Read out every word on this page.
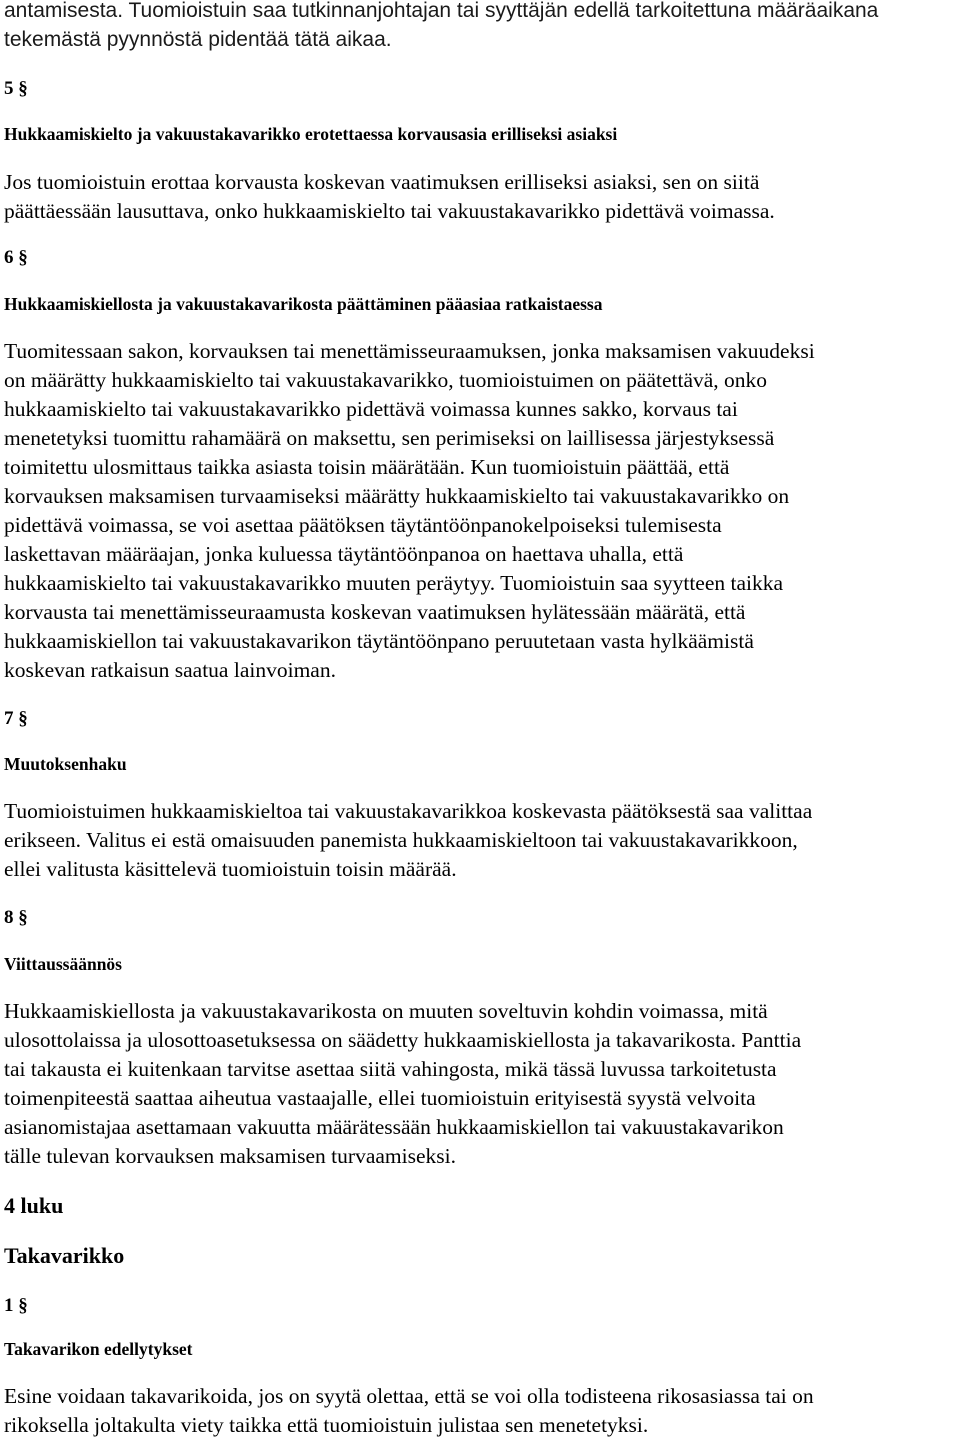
antamisesta. Tuomioistuin saa tutkinnanjohtajan tai syyttäjän edellä tarkoitettuna määräaikana
tekemästä pyynnöstä pidentää tätä aikaa.
5 §
Hukkaamiskielto ja vakuustakavarikko erotettaessa korvausasia erilliseksi asiaksi
Jos tuomioistuin erottaa korvausta koskevan vaatimuksen erilliseksi asiaksi, sen on siitä
päättäessään lausuttava, onko hukkaamiskielto tai vakuustakavarikko pidettävä voimassa.
6 §
Hukkaamiskiellosta ja vakuustakavarikosta päättäminen pääasiaa ratkaistaessa
Tuomitessaan sakon, korvauksen tai menettämisseuraamuksen, jonka maksamisen vakuudeksi
on määrätty hukkaamiskielto tai vakuustakavarikko, tuomioistuimen on päätettävä, onko
hukkaamiskielto tai vakuustakavarikko pidettävä voimassa kunnes sakko, korvaus tai
menetetyksi tuomittu rahamäärä on maksettu, sen perimiseksi on laillisessa järjestyksessä
toimitettu ulosmittaus taikka asiasta toisin määrätään. Kun tuomioistuin päättää, että
korvauksen maksamisen turvaamiseksi määrätty hukkaamiskielto tai vakuustakavarikko on
pidettävä voimassa, se voi asettaa päätöksen täytäntöönpanokelpoiseksi tulemisesta
laskettavan määräajan, jonka kuluessa täytäntöönpanoa on haettava uhalla, että
hukkaamiskielto tai vakuustakavarikko muuten peräytyy. Tuomioistuin saa syytteen taikka
korvausta tai menettämisseuraamusta koskevan vaatimuksen hylätessään määrätä, että
hukkaamiskiellon tai vakuustakavarikon täytäntöönpano peruutetaan vasta hylkäämistä
koskevan ratkaisun saatua lainvoiman.
7 §
Muutoksenhaku
Tuomioistuimen hukkaamiskieltoa tai vakuustakavarikkoa koskevasta päätöksestä saa valittaa
erikseen. Valitus ei estä omaisuuden panemista hukkaamiskieltoon tai vakuustakavarikkoon,
ellei valitusta käsittelevä tuomioistuin toisin määrää.
8 §
Viittaussäännös
Hukkaamiskiellosta ja vakuustakavarikosta on muuten soveltuvin kohdin voimassa, mitä
ulosottolaissa ja ulosottoasetuksessa on säädetty hukkaamiskiellosta ja takavarikosta. Panttia
tai takausta ei kuitenkaan tarvitse asettaa siitä vahingosta, mikä tässä luvussa tarkoitetusta
toimenpiteestä saattaa aiheutua vastaajalle, ellei tuomioistuin erityisestä syystä velvoita
asianomistajaa asettamaan vakuutta määrätessään hukkaamiskiellon tai vakuustakavarikon
tälle tulevan korvauksen maksamisen turvaamiseksi.
4 luku
Takavarikko
1 §
Takavarikon edellytykset
Esine voidaan takavarikoida, jos on syytä olettaa, että se voi olla todisteena rikosasiassa tai on
rikoksella joltakulta viety taikka että tuomioistuin julistaa sen menetetyksi.
